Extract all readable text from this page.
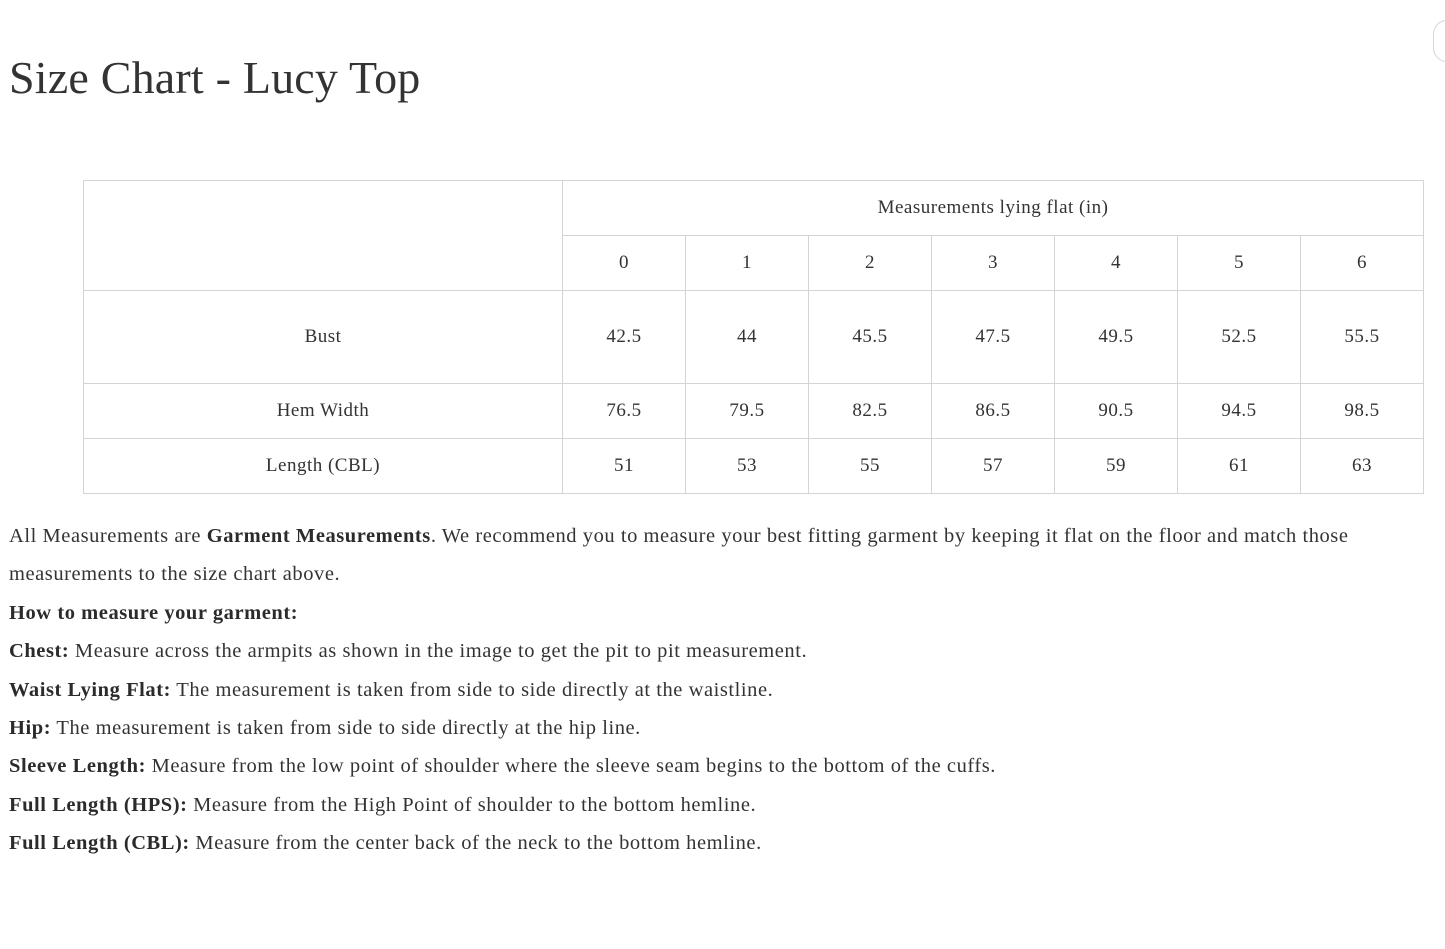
Size Chart - Lucy Top
	Measurements lying flat (in)						
	0	1	2	3	4	5	6
Bust	42.5	44	45.5	47.5	49.5	52.5	55.5
Hem Width	76.5	79.5	82.5	86.5	90.5	94.5	98.5
Length (CBL)	51	53	55	57	59	61	63

All Measurements are Garment Measurements. We recommend you to measure your best fitting garment by keeping it flat on the floor and match those measurements to the size chart above.

How to measure your garment:

Chest: Measure across the armpits as shown in the image to get the pit to pit measurement.

Waist Lying Flat: The measurement is taken from side to side directly at the waistline.

Hip: The measurement is taken from side to side directly at the hip line.

Sleeve Length: Measure from the low point of shoulder where the sleeve seam begins to the bottom of the cuffs.

Full Length (HPS): Measure from the High Point of shoulder to the bottom hemline.

Full Length (CBL): Measure from the center back of the neck to the bottom hemline.
